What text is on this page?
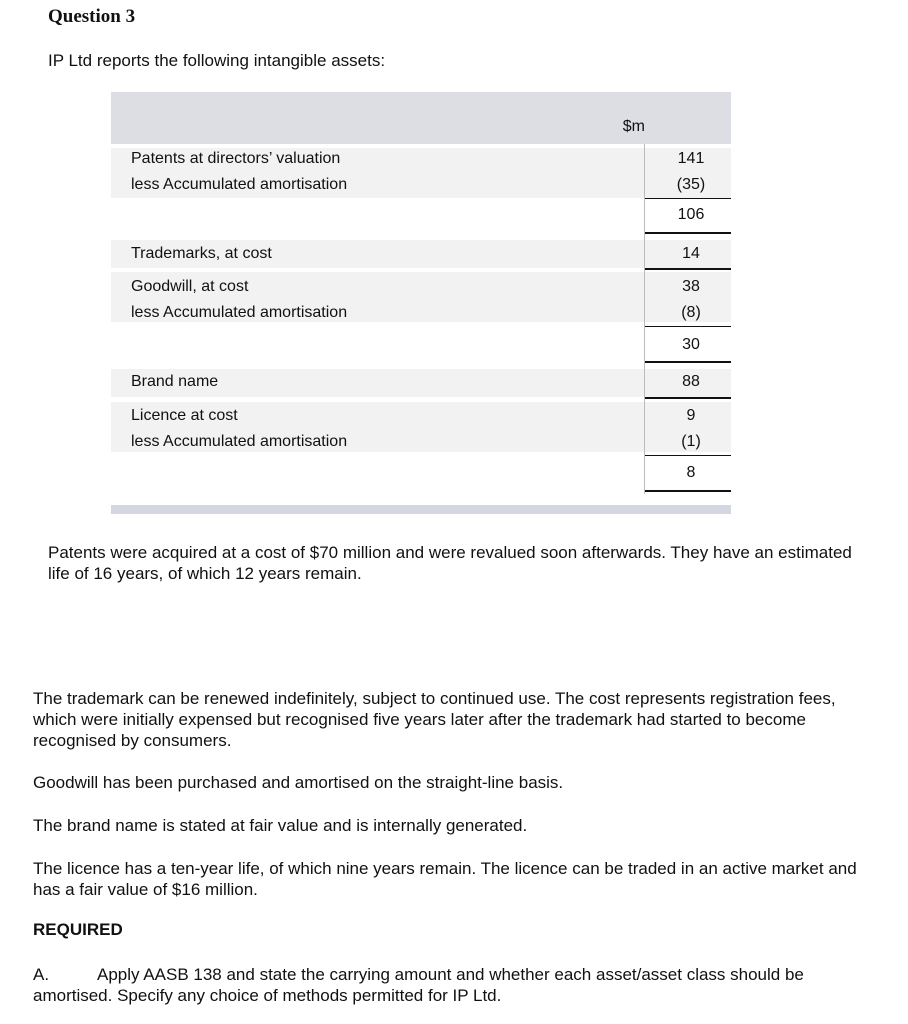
Question 3
IP Ltd reports the following intangible assets:
$m
Patents at directors’ valuation
less Accumulated amortisation
Trademarks, at cost
Goodwill, at cost
less Accumulated amortisation
Brand name
Licence at cost
less Accumulated amortisation
141
(35)
106
14
38
(8)
30
88
9
(1)
8
Patents were acquired at a cost of $70 million and were revalued soon afterwards. They have an estimated life of 16 years, of which 12 years remain.
The trademark can be renewed indefinitely, subject to continued use. The cost represents registration fees, which were initially expensed but recognised five years later after the trademark had started to become recognised by consumers.
Goodwill has been purchased and amortised on the straight-line basis.
The brand name is stated at fair value and is internally generated.
The licence has a ten-year life, of which nine years remain. The licence can be traded in an active market and has a fair value of $16 million.
REQUIRED
A.	Apply AASB 138 and state the carrying amount and whether each asset/asset class should be amortised. Specify any choice of methods permitted for IP Ltd.
